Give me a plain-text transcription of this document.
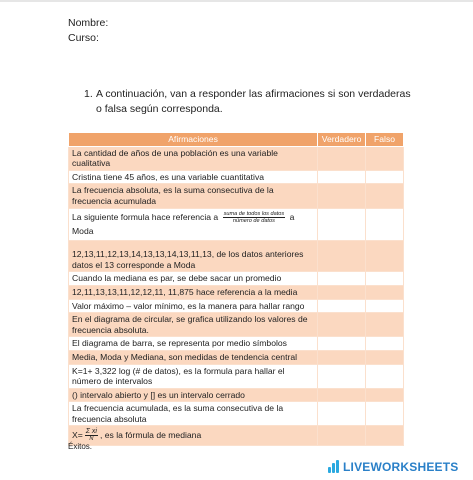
Nombre:
Curso:
1. A continuación, van a responder las afirmaciones si son verdaderas o falsa según corresponda.
Afirmaciones	Verdadero	Falso
La cantidad de años de una población es una variable cualitativa		
Cristina tiene 45 años, es una variable cuantitativa		
La frecuencia absoluta, es la suma consecutiva de la frecuencia acumulada		
La siguiente formula hace referencia a $\frac{\text{suma de todos los datos}}{\text{número de datos}}$ a
Moda		

12,13,11,12,13,14,13,13,14,13,11,13, de los datos anteriores datos el 13 corresponde a Moda		
Cuando la mediana es par, se debe sacar un promedio		
12,11,13,13,11,12,12,11, 11,875 hace referencia a la media		
Valor máximo – valor mínimo, es la manera para hallar rango		
En el diagrama de circular, se grafica utilizando los valores de frecuencia absoluta.		
El diagrama de barra, se representa por medio símbolos		
Media, Moda y Mediana, son medidas de tendencia central		
K=1+ 3,322 log (# de datos), es la formula para hallar el número de intervalos		
() intervalo abierto y [] es un intervalo cerrado		
La frecuencia acumulada, es la suma consecutiva de la frecuencia absoluta		
$X= \frac{\text{Σ xi}}{N}$ , es la fórmula de mediana		
Éxitos.
LIVEWORKSHEETS
